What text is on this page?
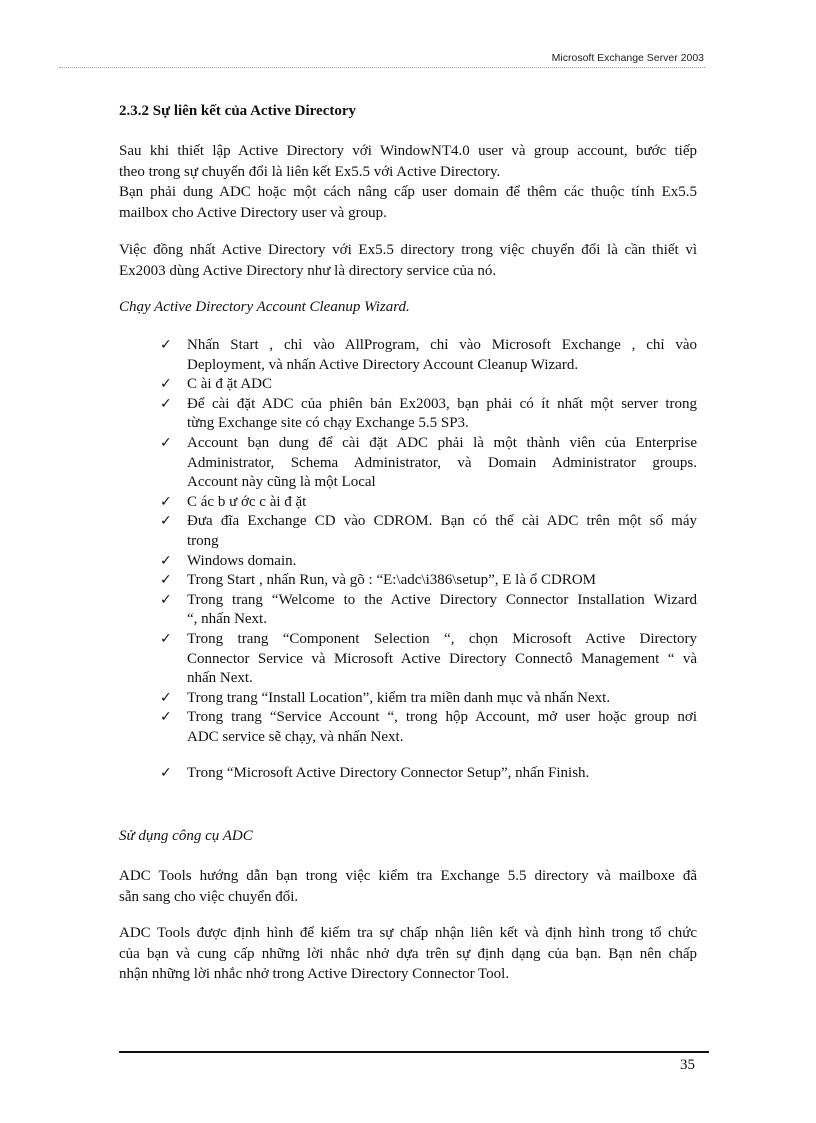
Microsoft Exchange Server 2003
2.3.2 Sự liên kết của Active Directory

Sau khi thiết lập Active Directory với WindowNT4.0 user và group account, bước tiếp
theo trong sự chuyển đổi là liên kết Ex5.5 với Active Directory.
Bạn phải dung ADC hoặc một cách nâng cấp user domain để thêm các thuộc tính Ex5.5
mailbox cho Active Directory user và group.

Việc đồng nhất Active Directory với Ex5.5 directory trong việc chuyển đổi là cần thiết vì
Ex2003 dùng Active Directory như là directory service của nó.

Chạy Active Directory Account Cleanup Wizard.

✓ Nhấn Start , chỉ vào AllProgram, chỉ vào Microsoft Exchange , chỉ vào
Deployment, và nhấn Active Directory Account Cleanup Wizard.
✓ C ài đ ặt ADC
✓ Để cài đặt ADC của phiên bản Ex2003, bạn phải có ít nhất một server trong
từng Exchange site có chạy Exchange 5.5 SP3.
✓ Account bạn dung để cài đặt ADC phải là một thành viên của Enterprise
Administrator, Schema Administrator, và Domain Administrator groups.
Account này cũng là một Local
✓ C ác b ư ớc c ài đ ặt
✓ Đưa đĩa Exchange CD vào CDROM. Bạn có thể cài ADC trên một số máy
trong
✓ Windows domain.
✓ Trong Start , nhấn Run, và gõ : “E:\adc\i386\setup”, E là ổ CDROM
✓ Trong trang “Welcome to the Active Directory Connector Installation Wizard
“, nhấn Next.
✓ Trong trang “Component Selection “, chọn Microsoft Active Directory
Connector Service và Microsoft Active Directory Connectô Management “ và
nhấn Next.
✓ Trong trang “Install Location”, kiểm tra miền danh mục và nhấn Next.
✓ Trong trang “Service Account “, trong hộp Account, mở user hoặc group nơi
ADC service sẽ chạy, và nhấn Next.
✓ Trong “Microsoft Active Directory Connector Setup”, nhấn Finish.

Sử dụng công cụ ADC

ADC Tools hướng dẫn bạn trong việc kiểm tra Exchange 5.5 directory và mailboxe đã
sẵn sang cho việc chuyển đổi.

ADC Tools được định hình để kiểm tra sự chấp nhận liên kết và định hình trong tổ chức
của bạn và cung cấp những lời nhắc nhở dựa trên sự định dạng của bạn. Bạn nên chấp
nhận những lời nhắc nhở trong Active Directory Connector Tool.

35
